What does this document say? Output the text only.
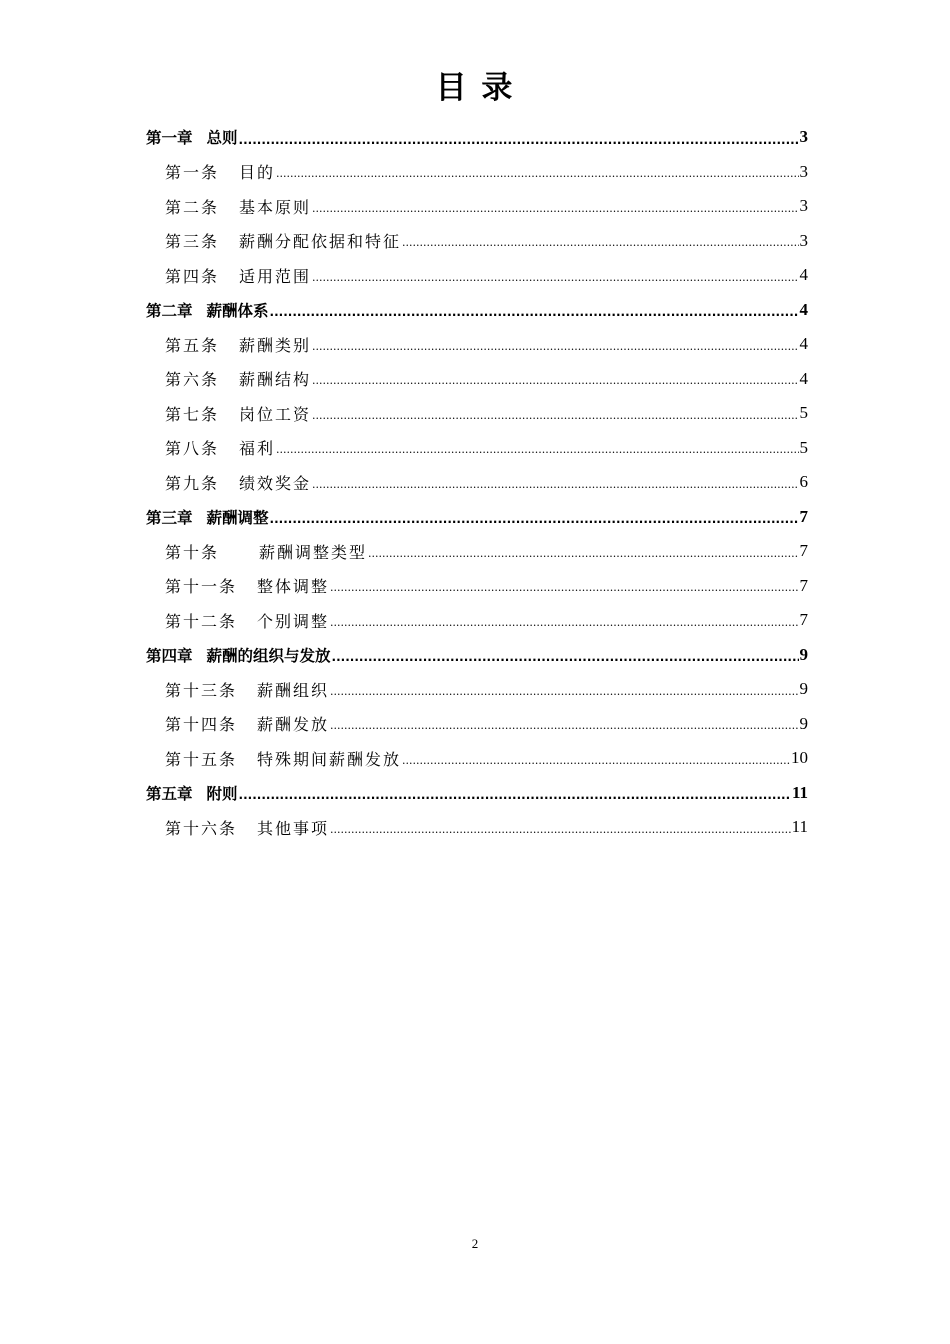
目 录
第一章 总则 .....	3
第一条 目的 .....	3
第二条 基本原则 .....	3
第三条 薪酬分配依据和特征 .....	3
第四条 适用范围 .....	4
第二章 薪酬体系 .....	4
第五条 薪酬类别 .....	4
第六条 薪酬结构 .....	4
第七条 岗位工资 .....	5
第八条 福利 .....	5
第九条 绩效奖金 .....	6
第三章 薪酬调整 .....	7
第十条	薪酬调整类型 .....	7
第十一条 整体调整 .....	7
第十二条 个别调整 .....	7
第四章 薪酬的组织与发放 .....	9
第十三条 薪酬组织 .....	9
第十四条 薪酬发放 .....	9
第十五条 特殊期间薪酬发放 .....	10
第五章 附则 .....	11
第十六条 其他事项 .....	11
2
